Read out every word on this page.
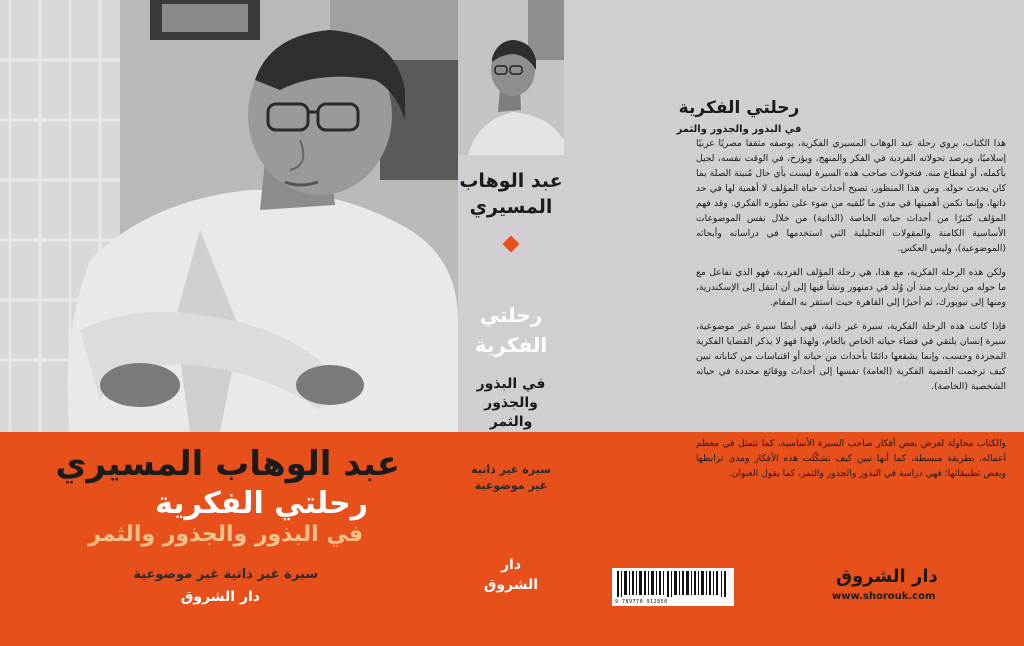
عبد الوهاب المسيري
رحلتي الفكرية
في البذور والجذور والثمر
سيرة غير ذاتية غير موضوعية
دار الشروق
عبد الوهاب
المسيري
رحلتي
الفكرية
في البذور
والجذور
والثمر
سيرة غير ذاتية
غير موضوعية
دار
الشروق
رحلتي الفكرية
في البذور والجذور والثمر

هذا الكتاب، يروي رحلة عبد الوهاب المسيري الفكرية، بوصفه مثقفا مصريًا عربيًا إسلاميًا، ويرصد تحولاته الفردية في الفكر والمنهج، ويؤرخ، في الوقت نفسه، لجيل بأكمله، أو لقطاع منه. فتحولات صاحب هذه السيرة ليست بأي حال مُنبتة الصلة بما كان يحدث حوله. ومن هذا المنظور، تصبح أحداث حياة المؤلف لا أهمية لها في حد ذاتها، وإنما تكمن أهميتها في مدى ما تُلقيه من ضوء على تطوره الفكري. وقد فهم المؤلف كثيرًا من أحداث حياته الخاصة (الذاتية) من خلال نفس الموضوعات الأساسية الكامنة والمقولات التحليلية التي استخدمها في دراساته وأبحاثه (الموضوعية)، وليس العكس.

ولكن هذه الرحلة الفكرية، مع هذا، هي رحلة المؤلف الفردية، فهو الذي تفاعل مع ما حوله من تجارب منذ أن وُلد في دمنهور ونشأ فيها إلى أن انتقل إلى الإسكندرية، ومنها إلى نيويورك، ثم أخيرًا إلى القاهرة حيث استقر به المقام.

فإذا كانت هذه الرحلة الفكرية، سيرة غير ذاتية، فهي أيضًا سيرة غير موضوعية، سيرة إنسان يلتقي في فضاء حياته الخاص بالعام، ولهذا فهو لا يذكر القضايا الفكرية المجردة وحسب، وإنما يشفعها دائمًا بأحداث من حياته أو اقتباسات من كتاباته تبين كيف ترجمت القضية الفكرية (العامة) نفسها إلى أحداث ووقائع محددة في حياته الشخصية (الخاصة).

والكتاب محاولة لعرض بعض أفكار صاحب السيرة الأساسية، كما تتمثل في معظم أعماله، بطريقة مبسطة، كما أنها تبين كيف تشكّلت هذه الأفكار ومدى ترابطها وبعض تطبيقاتها؛ فهي دراسة في البذور والجذور والثمر، كما يقول العنوان.
9 789770 912850
دار الشروق
www.shorouk.com
